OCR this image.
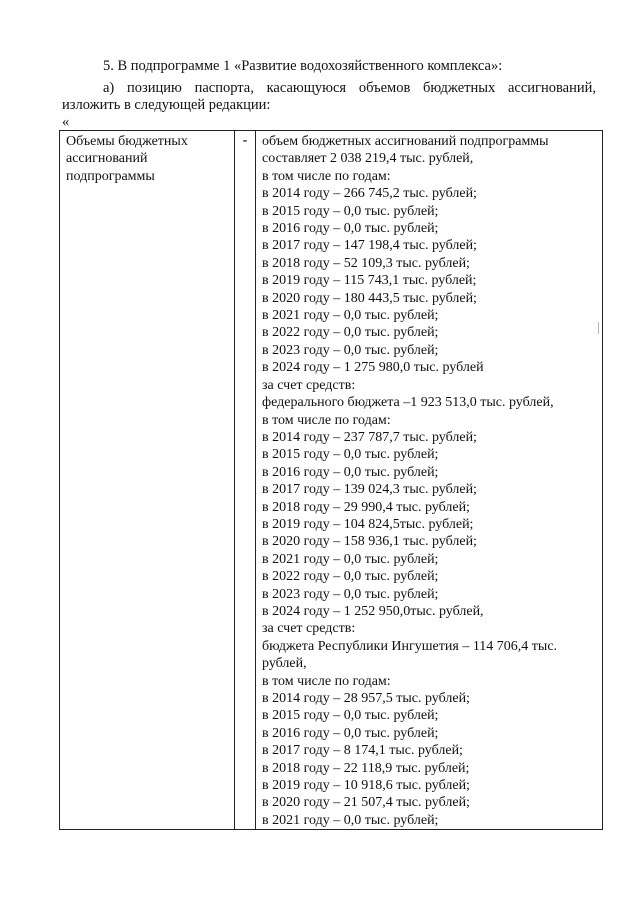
5. В подпрограмме 1 «Развитие водохозяйственного комплекса»:
а) позицию паспорта, касающуюся объемов бюджетных ассигнований,
изложить в следующей редакции:
«
Объемы бюджетных ассигнований подпрограммы	-	объем бюджетных ассигнований подпрограммы
составляет 2 038 219,4 тыс. рублей,
в том числе по годам:
в 2014 году – 266 745,2 тыс. рублей;
в 2015 году – 0,0 тыс. рублей;
в 2016 году – 0,0 тыс. рублей;
в 2017 году – 147 198,4 тыс. рублей;
в 2018 году – 52 109,3 тыс. рублей;
в 2019 году – 115 743,1 тыс. рублей;
в 2020 году – 180 443,5 тыс. рублей;
в 2021 году – 0,0 тыс. рублей;
в 2022 году – 0,0 тыс. рублей;
в 2023 году – 0,0 тыс. рублей;
в 2024 году – 1 275 980,0 тыс. рублей
за счет средств:
федерального бюджета –1 923 513,0 тыс. рублей,
в том числе по годам:
в 2014 году – 237 787,7 тыс. рублей;
в 2015 году – 0,0 тыс. рублей;
в 2016 году – 0,0 тыс. рублей;
в 2017 году – 139 024,3 тыс. рублей;
в 2018 году – 29 990,4 тыс. рублей;
в 2019 году – 104 824,5тыс. рублей;
в 2020 году – 158 936,1 тыс. рублей;
в 2021 году – 0,0 тыс. рублей;
в 2022 году – 0,0 тыс. рублей;
в 2023 году – 0,0 тыс. рублей;
в 2024 году – 1 252 950,0тыс. рублей,
за счет средств:
бюджета Республики Ингушетия – 114 706,4 тыс.
рублей,
в том числе по годам:
в 2014 году – 28 957,5 тыс. рублей;
в 2015 году – 0,0 тыс. рублей;
в 2016 году – 0,0 тыс. рублей;
в 2017 году – 8 174,1 тыс. рублей;
в 2018 году – 22 118,9 тыс. рублей;
в 2019 году – 10 918,6 тыс. рублей;
в 2020 году – 21 507,4 тыс. рублей;
в 2021 году – 0,0 тыс. рублей;
